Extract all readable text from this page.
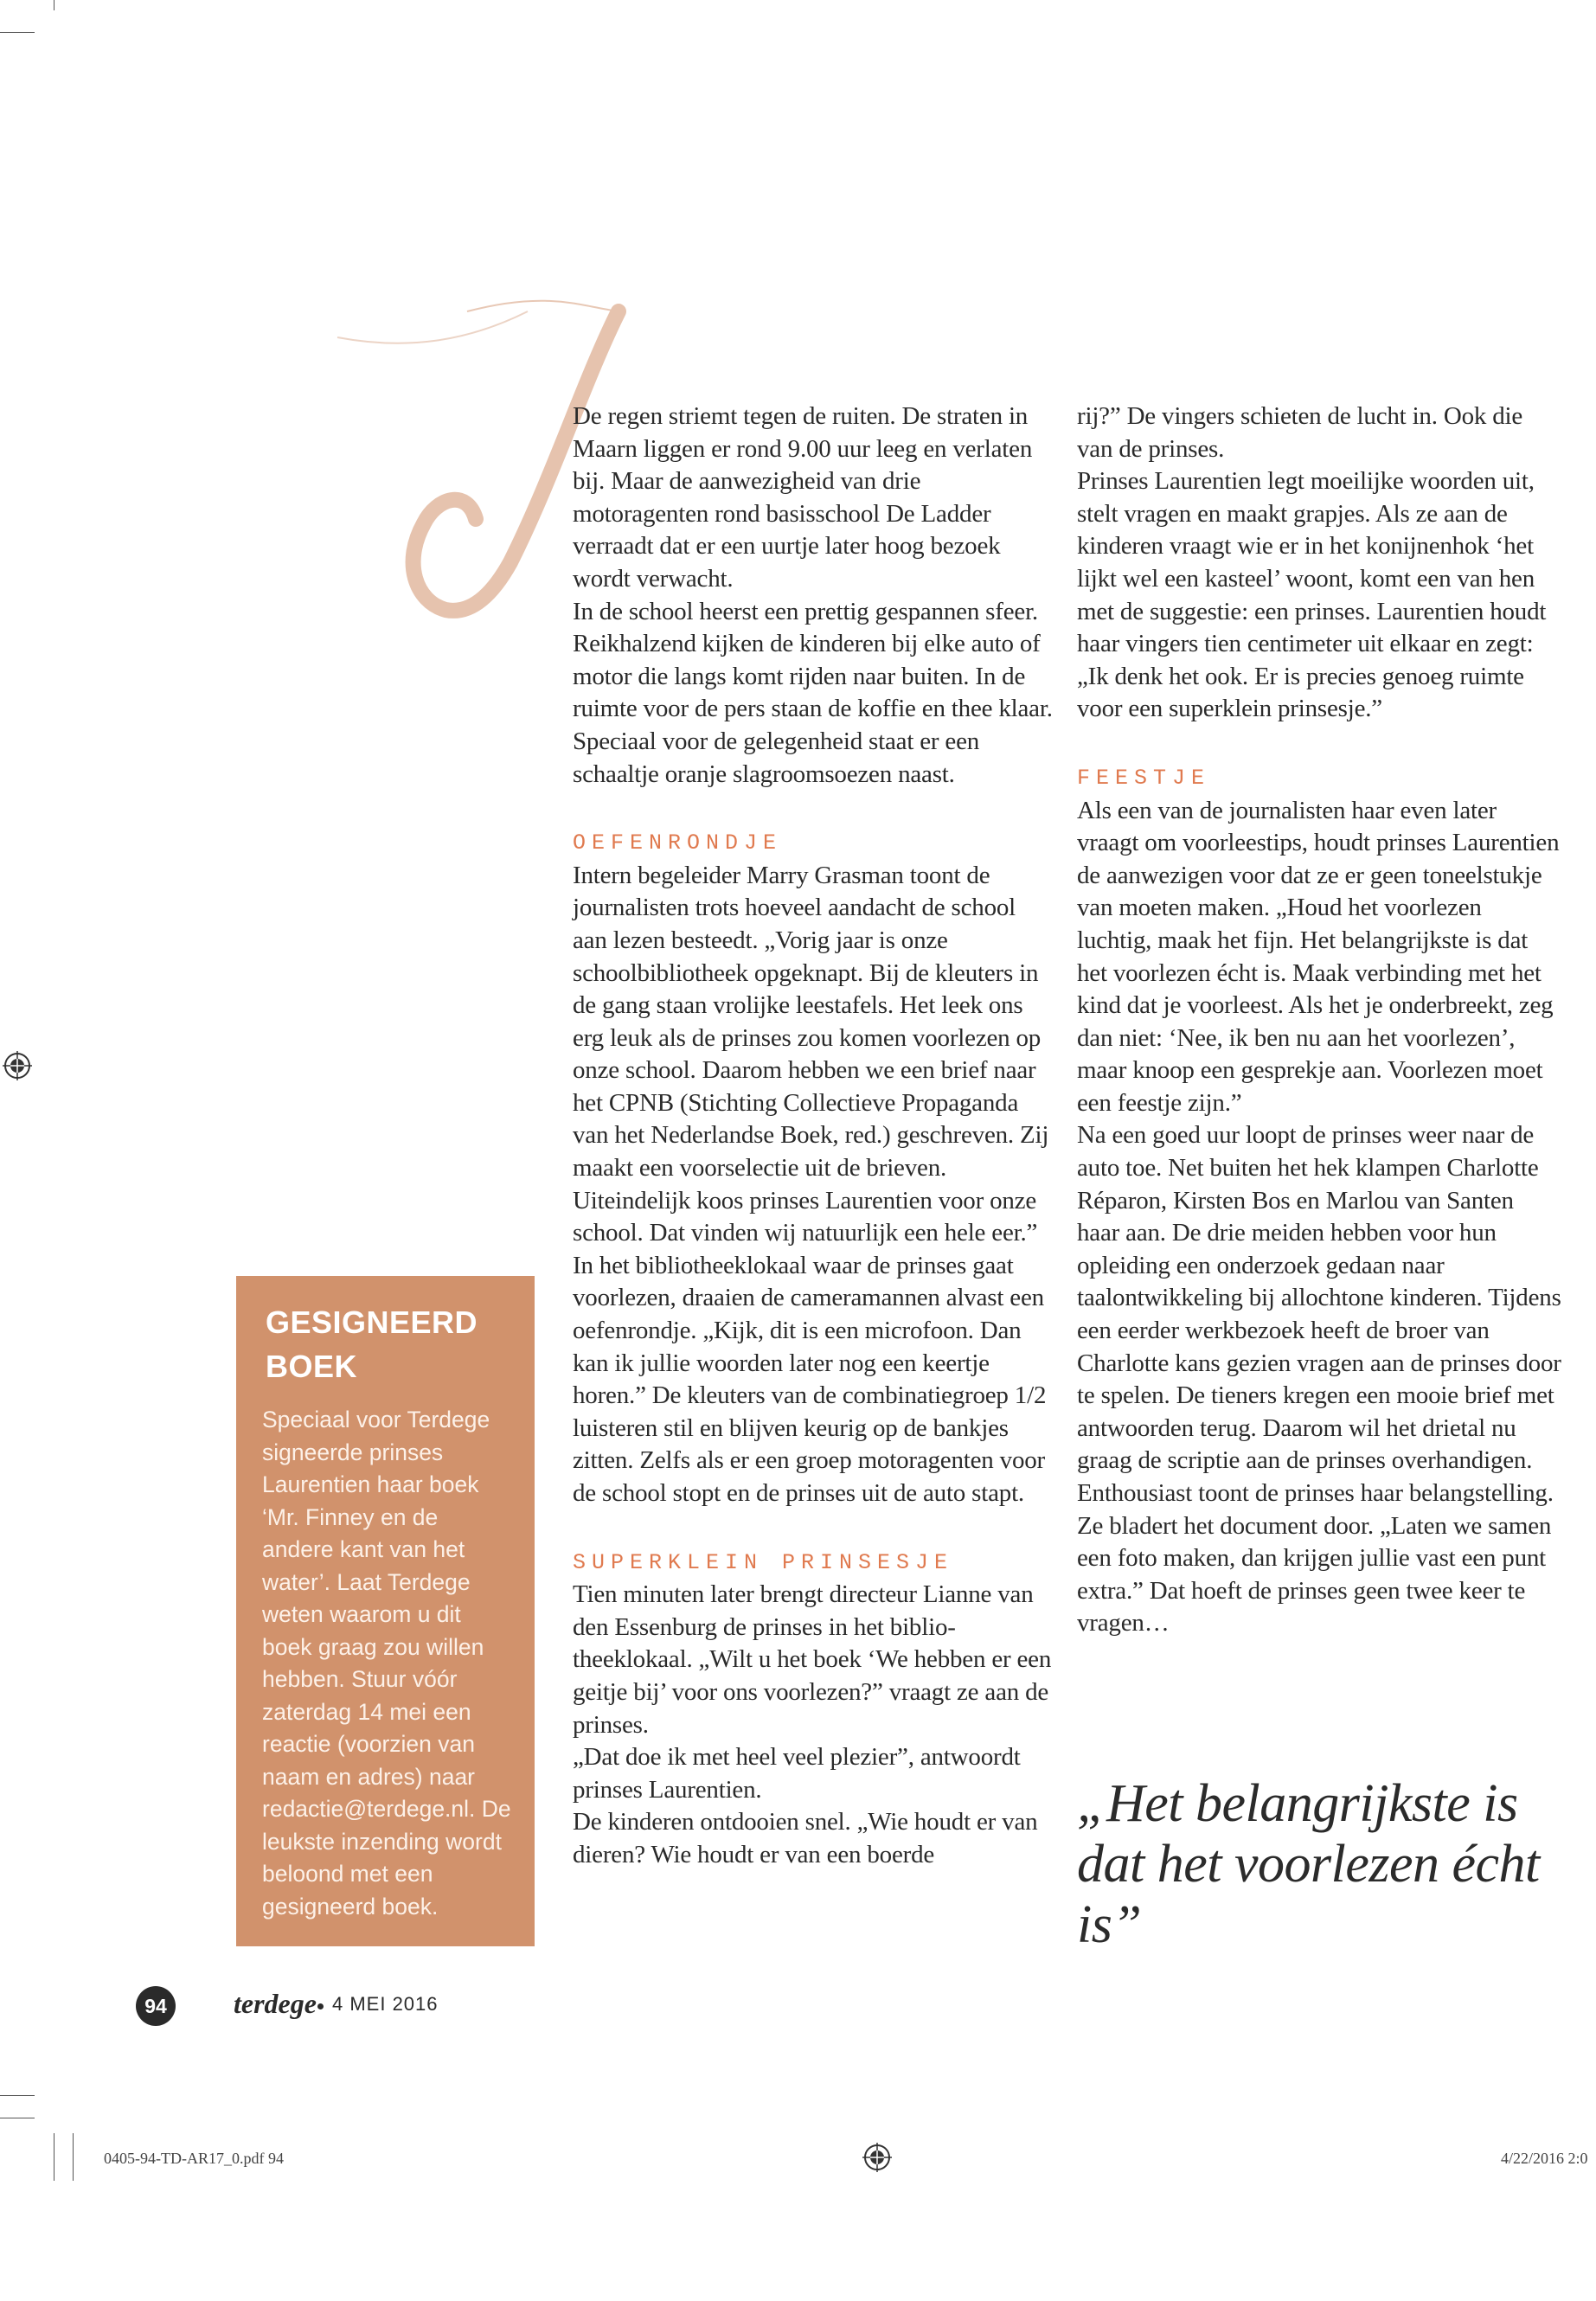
De regen striemt tegen de ruiten. De straten in Maarn liggen er rond 9.00 uur leeg en verlaten bij. Maar de aanwezigheid van drie motoragenten rond basisschool De Ladder verraadt dat er een uurtje later hoog bezoek wordt verwacht.

In de school heerst een prettig gespannen sfeer. Reikhalzend kijken de kinderen bij elke auto of motor die langs komt rijden naar buiten. In de ruimte voor de pers staan de koffie en thee klaar. Speciaal voor de gelegenheid staat er een schaaltje oranje slagroomsoezen naast.

OEFENRONDJE

Intern begeleider Marry Grasman toont de journalisten trots hoeveel aandacht de school aan lezen besteedt. „Vorig jaar is onze schoolbibliotheek opgeknapt. Bij de kleuters in de gang staan vrolijke leestafels. Het leek ons erg leuk als de prinses zou komen voorlezen op onze school. Daarom hebben we een brief naar het CPNB (Stichting Collectieve Propaganda van het Nederlandse Boek, red.) geschreven. Zij maakt een voorselectie uit de brieven. Uiteindelijk koos prinses Laurentien voor onze school. Dat vinden wij natuurlijk een hele eer.”

In het bibliotheeklokaal waar de prinses gaat voorlezen, draaien de cameramannen alvast een oefenrondje. „Kijk, dit is een microfoon. Dan kan ik jullie woorden later nog een keertje horen.” De kleuters van de combinatiegroep 1/2 luisteren stil en blijven keurig op de bankjes zitten. Zelfs als er een groep motoragenten voor de school stopt en de prinses uit de auto stapt.

SUPERKLEIN PRINSESJE

Tien minuten later brengt directeur Lianne van den Essenburg de prinses in het bibliotheeklokaal. „Wilt u het boek ‘We hebben er een geitje bij’ voor ons voorlezen?” vraagt ze aan de prinses.

„Dat doe ik met heel veel plezier”, antwoordt prinses Laurentien.

De kinderen ontdooien snel. „Wie houdt er van dieren? Wie houdt er van een boerde

rij?” De vingers schieten de lucht in. Ook die van de prinses.

Prinses Laurentien legt moeilijke woorden uit, stelt vragen en maakt grapjes. Als ze aan de kinderen vraagt wie er in het konijnenhok ‘het lijkt wel een kasteel’ woont, komt een van hen met de suggestie: een prinses. Laurentien houdt haar vingers tien centimeter uit elkaar en zegt: „Ik denk het ook. Er is precies genoeg ruimte voor een superklein prinsesje.”

FEESTJE

Als een van de journalisten haar even later vraagt om voorleestips, houdt prinses Laurentien de aanwezigen voor dat ze er geen toneelstukje van moeten maken. „Houd het voorlezen luchtig, maak het fijn. Het belangrijkste is dat het voorlezen écht is. Maak verbinding met het kind dat je voorleest. Als het je onderbreekt, zeg dan niet: ‘Nee, ik ben nu aan het voorlezen’, maar knoop een gesprekje aan. Voorlezen moet een feestje zijn.”

Na een goed uur loopt de prinses weer naar de auto toe. Net buiten het hek klampen Charlotte Réparon, Kirsten Bos en Marlou van Santen haar aan. De drie meiden hebben voor hun opleiding een onderzoek gedaan naar taalontwikkeling bij allochtone kinderen. Tijdens een eerder werkbezoek heeft de broer van Charlotte kans gezien vragen aan de prinses door te spelen. De tieners kregen een mooie brief met antwoorden terug. Daarom wil het drietal nu graag de scriptie aan de prinses overhandigen. Enthousiast toont de prinses haar belangstelling. Ze bladert het document door. „Laten we samen een foto maken, dan krijgen jullie vast een punt extra.” Dat hoeft de prinses geen twee keer te vragen…

„Het belangrijkste is dat het voorlezen écht is”
GESIGNEERD BOEK

Speciaal voor Terdege signeerde prinses Laurentien haar boek ‘Mr. Finney en de andere kant van het water’. Laat Terdege weten waarom u dit boek graag zou willen hebben. Stuur vóór zaterdag 14 mei een reactie (voorzien van naam en adres) naar redactie@terdege.nl. De leukste inzending wordt beloond met een gesigneerd boek.

94	terdege 4 MEI 2016
0405-94-TD-AR17_0.pdf 94	4/22/2016 2:0
